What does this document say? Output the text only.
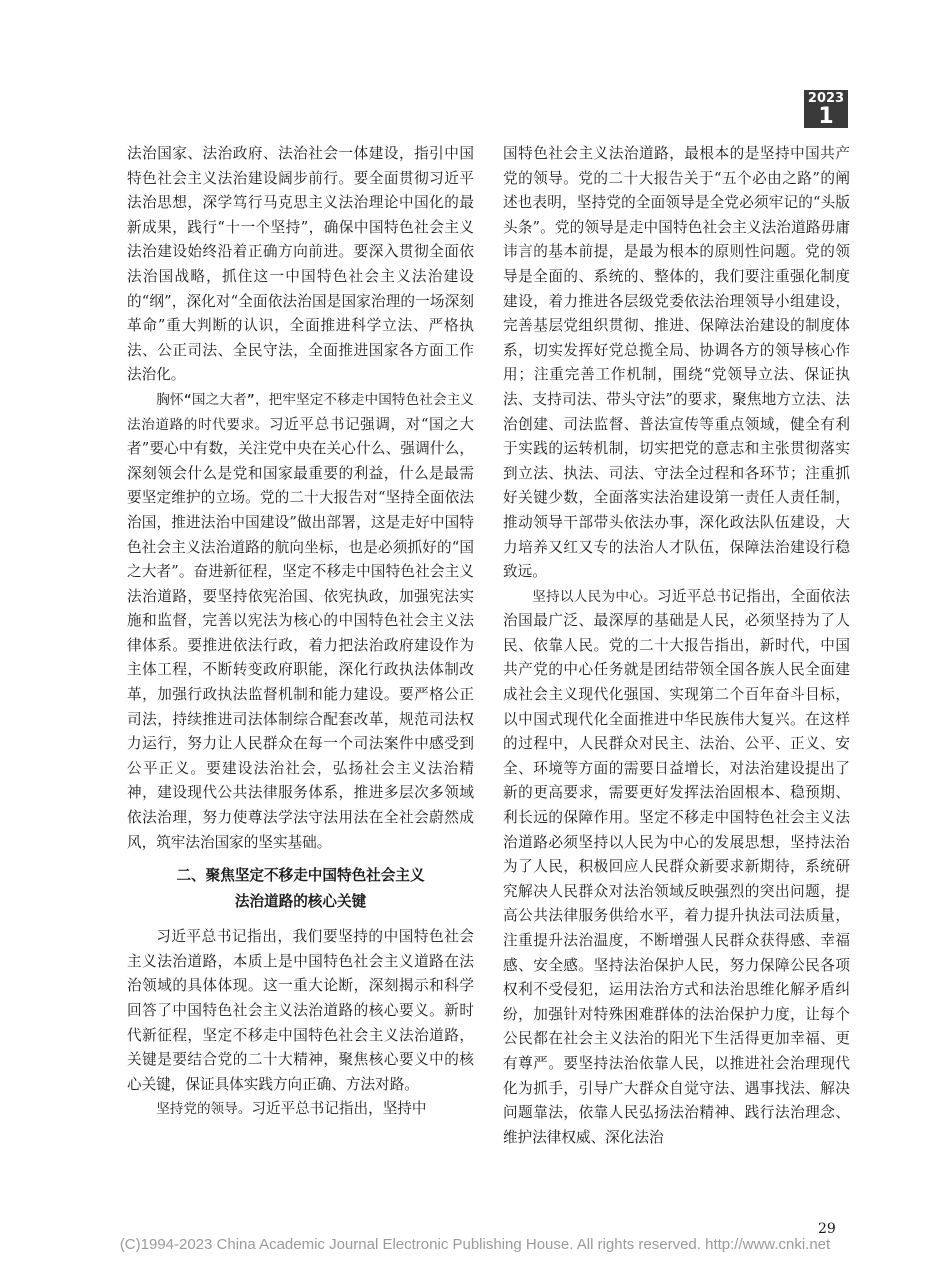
2023
1

法治国家、法治政府、法治社会一体建设，指引中国特色社会主义法治建设阔步前行。要全面贯彻习近平法治思想，深学笃行马克思主义法治理论中国化的最新成果，践行“十一个坚持”，确保中国特色社会主义法治建设始终沿着正确方向前进。要深入贯彻全面依法治国战略，抓住这一中国特色社会主义法治建设的“纲”，深化对“全面依法治国是国家治理的一场深刻革命”重大判断的认识，全面推进科学立法、严格执法、公正司法、全民守法，全面推进国家各方面工作法治化。

胸怀“国之大者”，把牢坚定不移走中国特色社会主义法治道路的时代要求。习近平总书记强调，对“国之大者”要心中有数，关注党中央在关心什么、强调什么，深刻领会什么是党和国家最重要的利益，什么是最需要坚定维护的立场。党的二十大报告对“坚持全面依法治国，推进法治中国建设”做出部署，这是走好中国特色社会主义法治道路的航向坐标，也是必须抓好的“国之大者”。奋进新征程，坚定不移走中国特色社会主义法治道路，要坚持依宪治国、依宪执政，加强宪法实施和监督，完善以宪法为核心的中国特色社会主义法律体系。要推进依法行政，着力把法治政府建设作为主体工程，不断转变政府职能，深化行政执法体制改革，加强行政执法监督机制和能力建设。要严格公正司法，持续推进司法体制综合配套改革，规范司法权力运行，努力让人民群众在每一个司法案件中感受到公平正义。要建设法治社会，弘扬社会主义法治精神，建设现代公共法律服务体系，推进多层次多领域依法治理，努力使尊法学法守法用法在全社会蔚然成风，筑牢法治国家的坚实基础。

二、聚焦坚定不移走中国特色社会主义
法治道路的核心关键

习近平总书记指出，我们要坚持的中国特色社会主义法治道路，本质上是中国特色社会主义道路在法治领域的具体体现。这一重大论断，深刻揭示和科学回答了中国特色社会主义法治道路的核心要义。新时代新征程，坚定不移走中国特色社会主义法治道路，关键是要结合党的二十大精神，聚焦核心要义中的核心关键，保证具体实践方向正确、方法对路。

坚持党的领导。习近平总书记指出，坚持中

国特色社会主义法治道路，最根本的是坚持中国共产党的领导。党的二十大报告关于“五个必由之路”的阐述也表明，坚持党的全面领导是全党必须牢记的“头版头条”。党的领导是走中国特色社会主义法治道路毋庸讳言的基本前提，是最为根本的原则性问题。党的领导是全面的、系统的、整体的，我们要注重强化制度建设，着力推进各层级党委依法治理领导小组建设，完善基层党组织贯彻、推进、保障法治建设的制度体系，切实发挥好党总揽全局、协调各方的领导核心作用；注重完善工作机制，围绕“党领导立法、保证执法、支持司法、带头守法”的要求，聚焦地方立法、法治创建、司法监督、普法宣传等重点领域，健全有利于实践的运转机制，切实把党的意志和主张贯彻落实到立法、执法、司法、守法全过程和各环节；注重抓好关键少数，全面落实法治建设第一责任人责任制，推动领导干部带头依法办事，深化政法队伍建设，大力培养又红又专的法治人才队伍，保障法治建设行稳致远。

坚持以人民为中心。习近平总书记指出，全面依法治国最广泛、最深厚的基础是人民，必须坚持为了人民、依靠人民。党的二十大报告指出，新时代，中国共产党的中心任务就是团结带领全国各族人民全面建成社会主义现代化强国、实现第二个百年奋斗目标，以中国式现代化全面推进中华民族伟大复兴。在这样的过程中，人民群众对民主、法治、公平、正义、安全、环境等方面的需要日益增长，对法治建设提出了新的更高要求，需要更好发挥法治固根本、稳预期、利长远的保障作用。坚定不移走中国特色社会主义法治道路必须坚持以人民为中心的发展思想，坚持法治为了人民，积极回应人民群众新要求新期待，系统研究解决人民群众对法治领域反映强烈的突出问题，提高公共法律服务供给水平，着力提升执法司法质量，注重提升法治温度，不断增强人民群众获得感、幸福感、安全感。坚持法治保护人民，努力保障公民各项权利不受侵犯，运用法治方式和法治思维化解矛盾纠纷，加强针对特殊困难群体的法治保护力度，让每个公民都在社会主义法治的阳光下生活得更加幸福、更有尊严。要坚持法治依靠人民，以推进社会治理现代化为抓手，引导广大群众自觉守法、遇事找法、解决问题靠法，依靠人民弘扬法治精神、践行法治理念、维护法律权威、深化法治

29
(C)1994-2023 China Academic Journal Electronic Publishing House. All rights reserved. http://www.cnki.net
